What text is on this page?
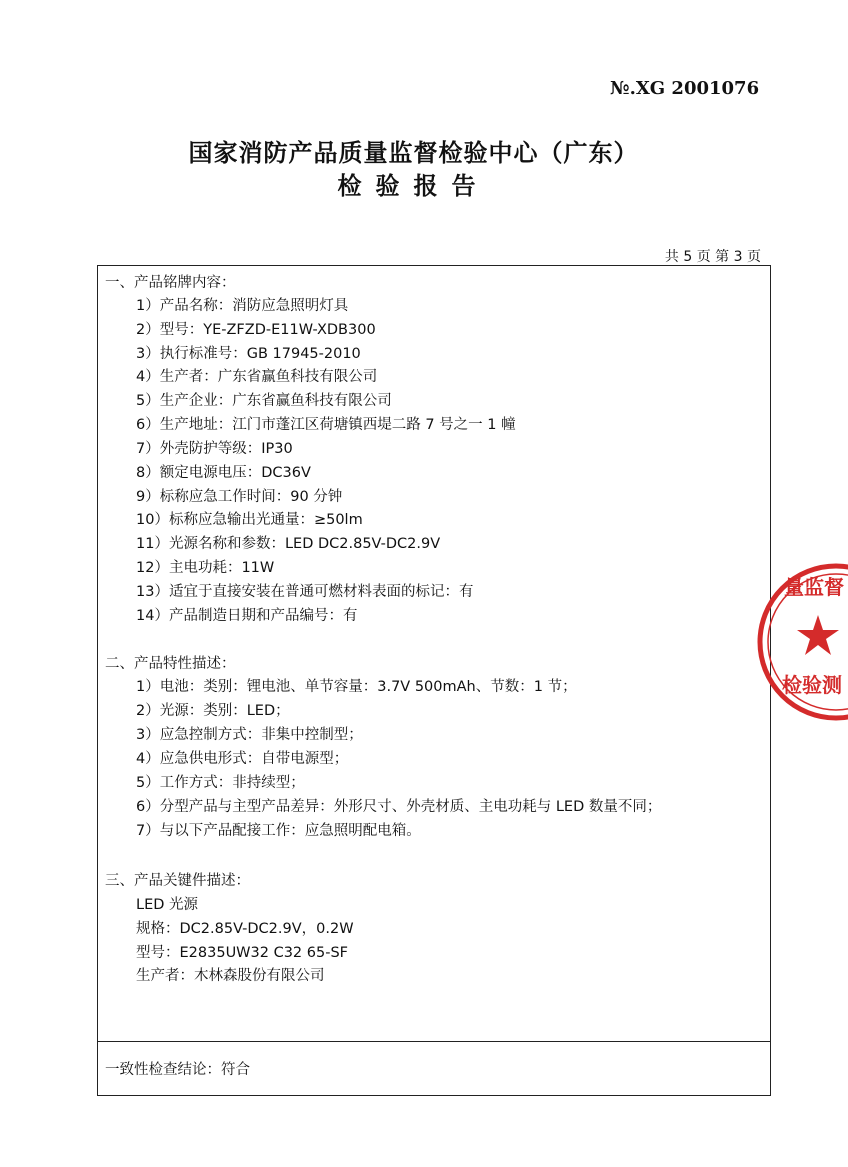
№.XG 2001076
国家消防产品质量监督检验中心（广东）
检验报告
共 5 页 第 3 页
一、产品铭牌内容：
1）产品名称：消防应急照明灯具
2）型号：YE-ZFZD-E11W-XDB300
3）执行标准号：GB 17945-2010
4）生产者：广东省赢鱼科技有限公司
5）生产企业：广东省赢鱼科技有限公司
6）生产地址：江门市蓬江区荷塘镇西堤二路 7 号之一 1 幢
7）外壳防护等级：IP30
8）额定电源电压：DC36V
9）标称应急工作时间：90 分钟
10）标称应急输出光通量：≥50lm
11）光源名称和参数：LED DC2.85V-DC2.9V
12）主电功耗：11W
13）适宜于直接安装在普通可燃材料表面的标记：有
14）产品制造日期和产品编号：有
二、产品特性描述：
1）电池：类别：锂电池、单节容量：3.7V 500mAh、节数：1 节；
2）光源：类别：LED；
3）应急控制方式：非集中控制型；
4）应急供电形式：自带电源型；
5）工作方式：非持续型；
6）分型产品与主型产品差异：外形尺寸、外壳材质、主电功耗与 LED 数量不同；
7）与以下产品配接工作：应急照明配电箱。
三、产品关键件描述：
LED 光源
规格：DC2.85V-DC2.9V，0.2W
型号：E2835UW32 C32 65-SF
生产者：木林森股份有限公司
一致性检查结论：符合
量监督
检验测
